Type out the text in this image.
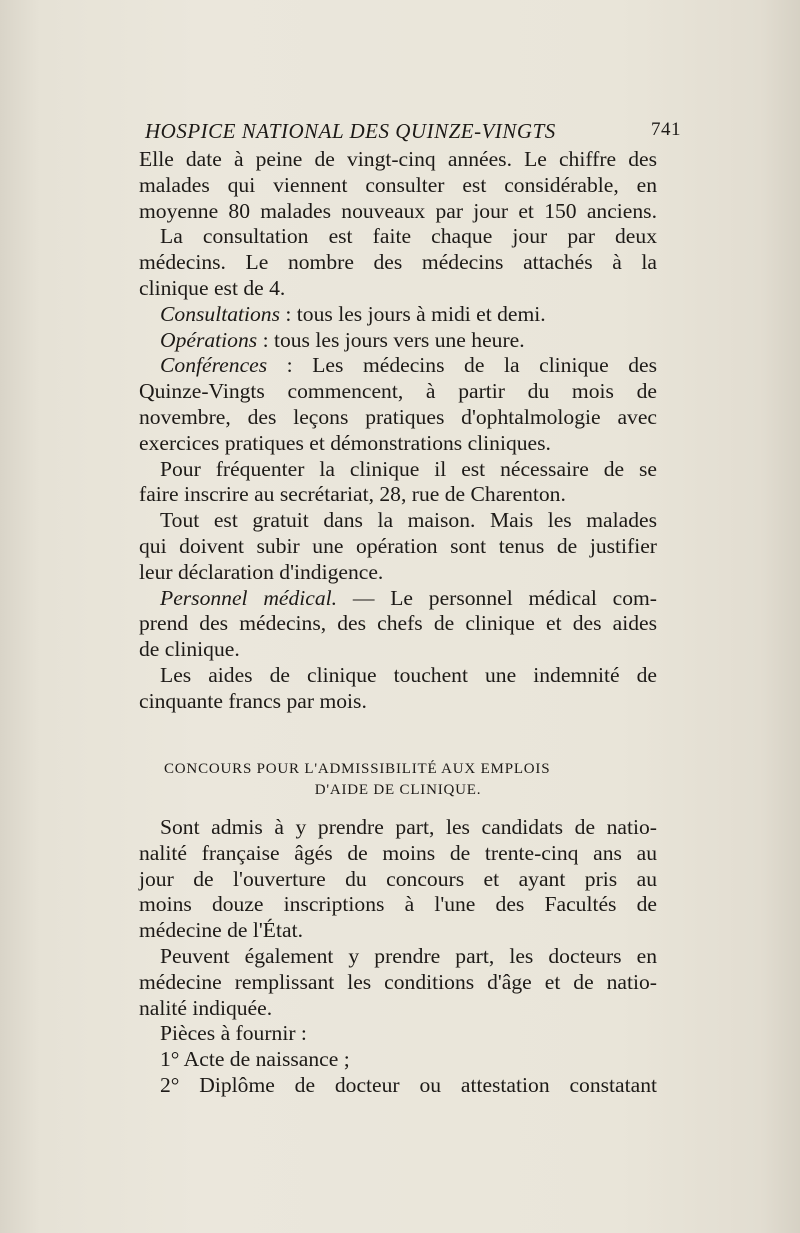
HOSPICE NATIONAL DES QUINZE-VINGTS	741
Elle date à peine de vingt-cinq années. Le chiffre des
malades qui viennent consulter est considérable, en
moyenne 80 malades nouveaux par jour et 150 anciens.
La consultation est faite chaque jour par deux
médecins. Le nombre des médecins attachés à la
clinique est de 4.
Consultations : tous les jours à midi et demi.
Opérations : tous les jours vers une heure.
Conférences : Les médecins de la clinique des
Quinze-Vingts commencent, à partir du mois de
novembre, des leçons pratiques d'ophtalmologie avec
exercices pratiques et démonstrations cliniques.
Pour fréquenter la clinique il est nécessaire de se
faire inscrire au secrétariat, 28, rue de Charenton.
Tout est gratuit dans la maison. Mais les malades
qui doivent subir une opération sont tenus de justifier
leur déclaration d'indigence.
Personnel médical. — Le personnel médical com-
prend des médecins, des chefs de clinique et des aides
de clinique.
Les aides de clinique touchent une indemnité de
cinquante francs par mois.
CONCOURS POUR L'ADMISSIBILITÉ AUX EMPLOIS
D'AIDE DE CLINIQUE.
Sont admis à y prendre part, les candidats de natio-
nalité française âgés de moins de trente-cinq ans au
jour de l'ouverture du concours et ayant pris au
moins douze inscriptions à l'une des Facultés de
médecine de l'État.
Peuvent également y prendre part, les docteurs en
médecine remplissant les conditions d'âge et de natio-
nalité indiquée.
Pièces à fournir :
1° Acte de naissance ;
2° Diplôme de docteur ou attestation constatant
